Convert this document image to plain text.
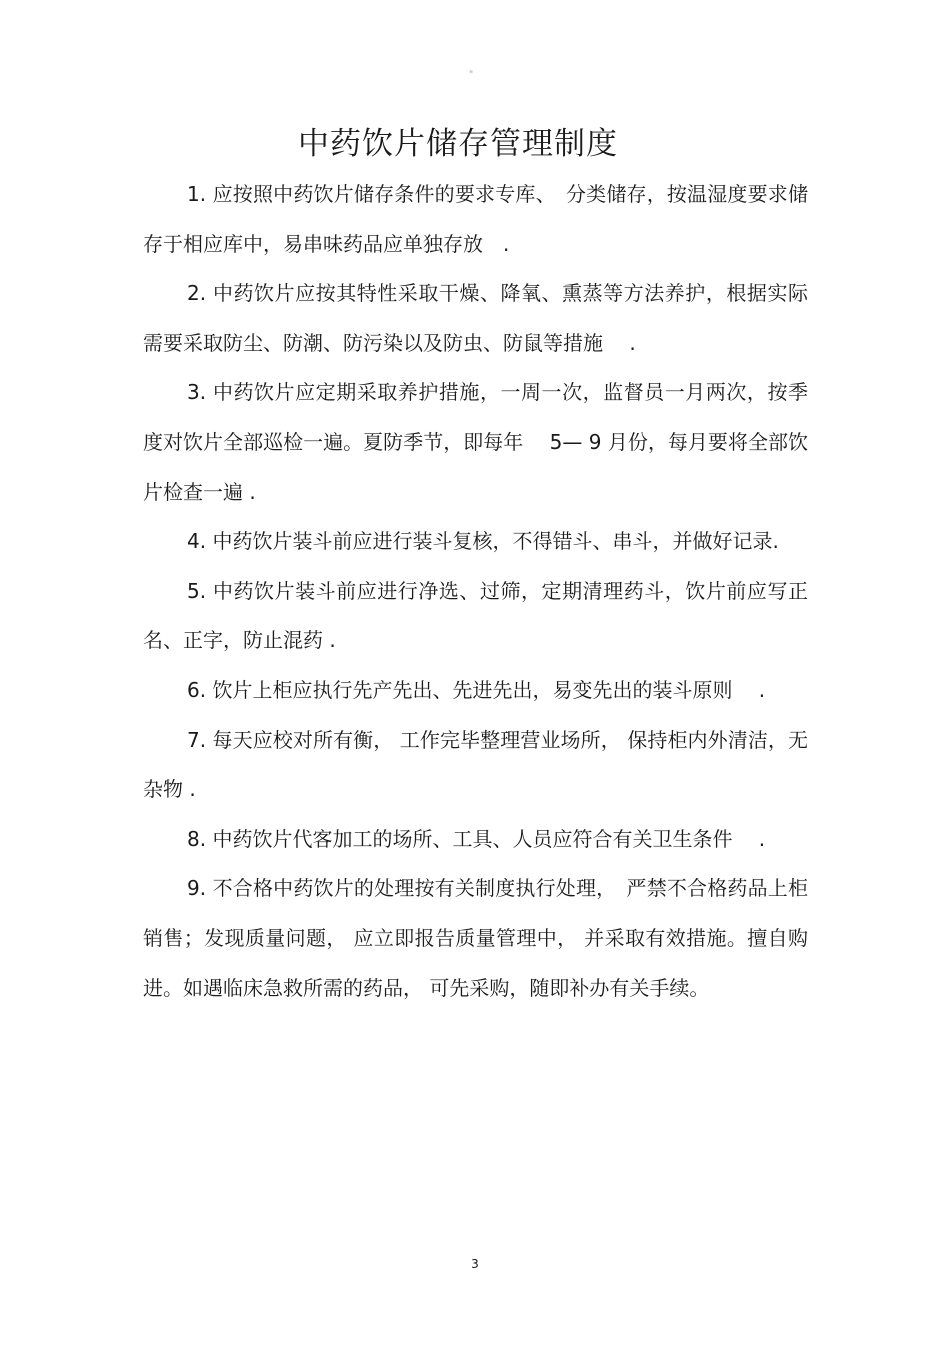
"
中药饮片储存管理制度

1. 应按照中药饮片储存条件的要求专库、　分类储存，按温湿度要求储存于相应库中，易串味药品应单独存放　.

2. 中药饮片应按其特性采取干燥、降氧、熏蒸等方法养护，根据实际需要采取防尘、防潮、防污染以及防虫、防鼠等措施　 .

3. 中药饮片应定期采取养护措施，一周一次，监督员一月两次，按季度对饮片全部巡检一遍。夏防季节，即每年　 5— 9 月份，每月要将全部饮片检查一遍 .

4. 中药饮片装斗前应进行装斗复核，不得错斗、串斗，并做好记录.

5. 中药饮片装斗前应进行净选、过筛，定期清理药斗，饮片前应写正名、正字，防止混药 .

6. 饮片上柜应执行先产先出、先进先出，易变先出的装斗原则　 .

7. 每天应校对所有衡， 工作完毕整理营业场所， 保持柜内外清洁，无杂物 .

8. 中药饮片代客加工的场所、工具、人员应符合有关卫生条件　 .

9. 不合格中药饮片的处理按有关制度执行处理，　严禁不合格药品上柜销售；发现质量问题， 应立即报告质量管理中， 并采取有效措施。擅自购进。如遇临床急救所需的药品， 可先采购，随即补办有关手续。

3
